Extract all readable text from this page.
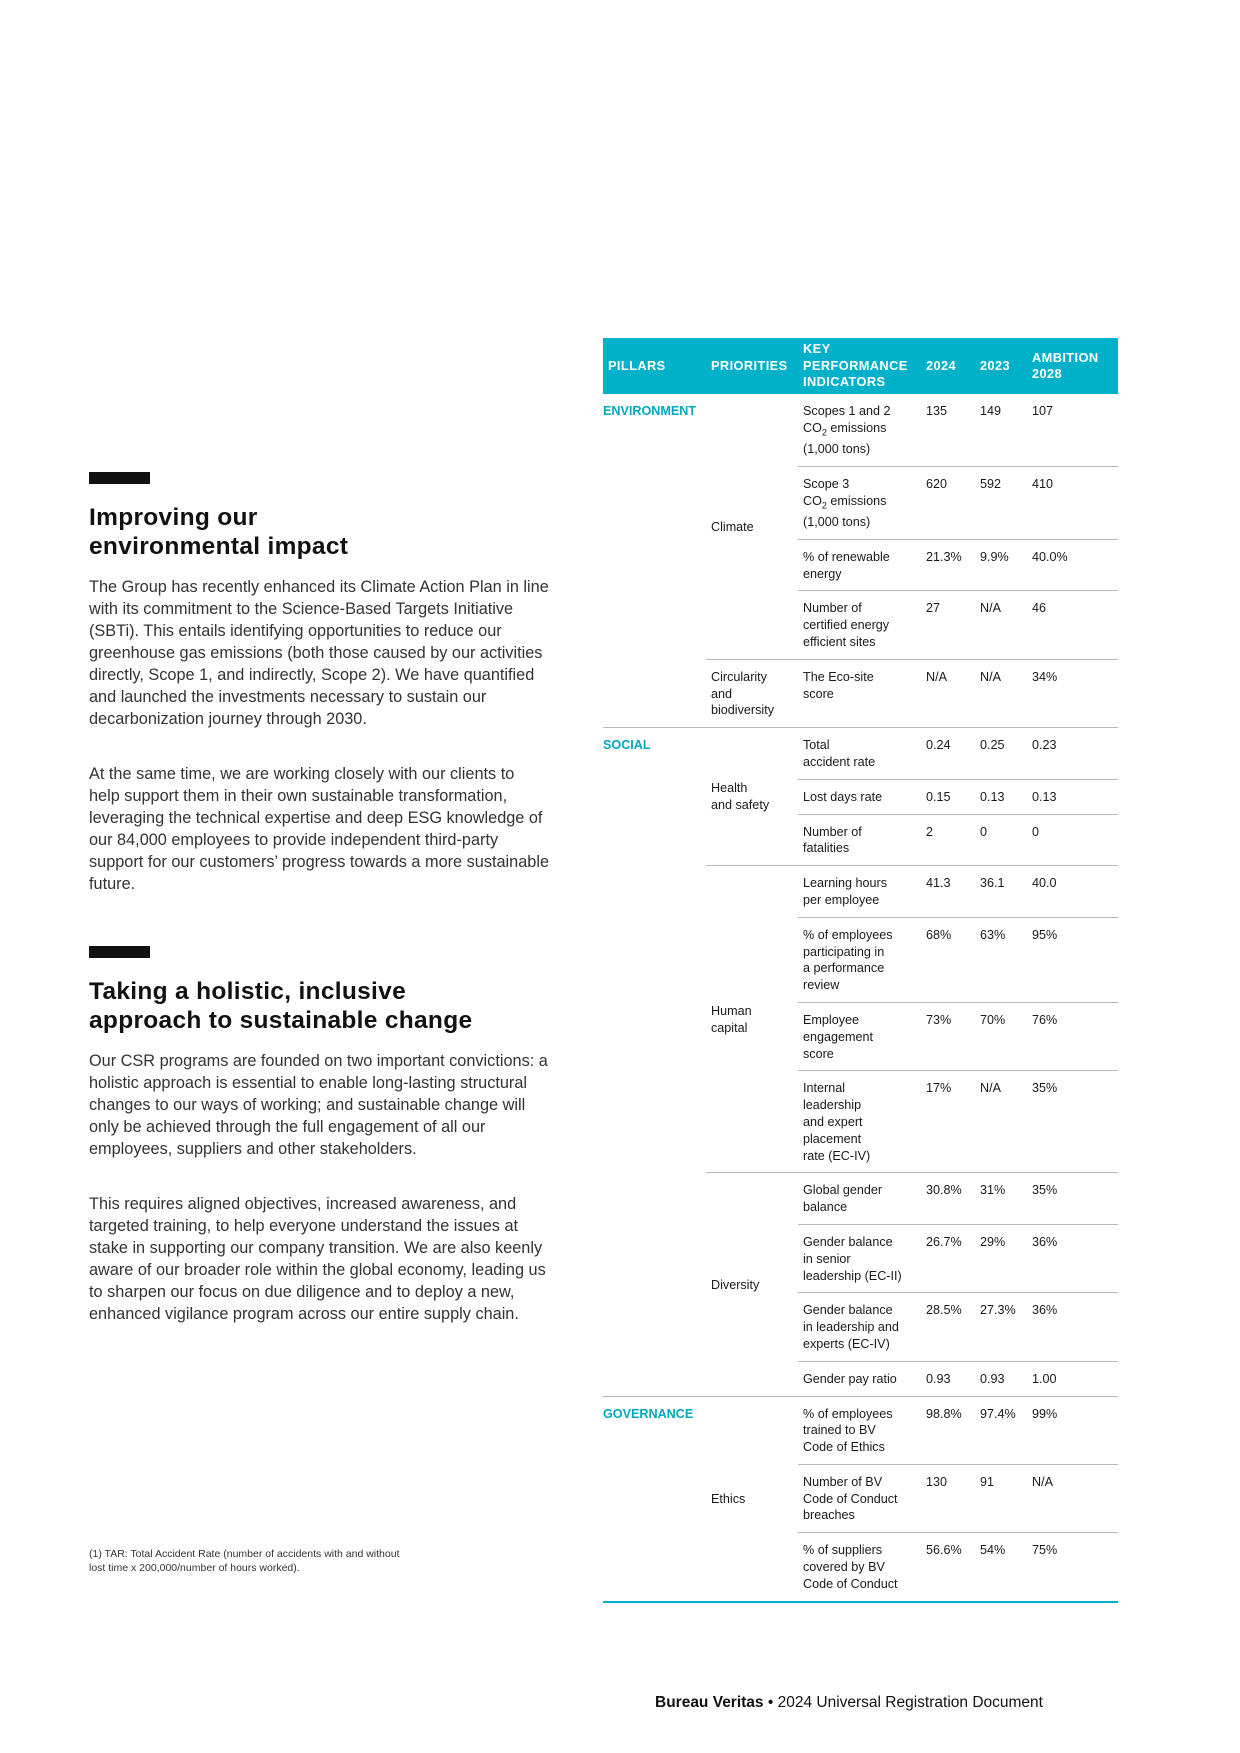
Improving our
environmental impact

The Group has recently enhanced its Climate Action Plan in line with its commitment to the Science-Based Targets Initiative (SBTi). This entails identifying opportunities to reduce our greenhouse gas emissions (both those caused by our activities directly, Scope 1, and indirectly, Scope 2). We have quantified and launched the investments necessary to sustain our decarbonization journey through 2030.

At the same time, we are working closely with our clients to help support them in their own sustainable transformation, leveraging the technical expertise and deep ESG knowledge of our 84,000 employees to provide independent third-party support for our customers’ progress towards a more sustainable future.

Taking a holistic, inclusive
approach to sustainable change

Our CSR programs are founded on two important convictions: a holistic approach is essential to enable long-lasting structural changes to our ways of working; and sustainable change will only be achieved through the full engagement of all our employees, suppliers and other stakeholders.

This requires aligned objectives, increased awareness, and targeted training, to help everyone understand the issues at stake in supporting our company transition. We are also keenly aware of our broader role within the global economy, leading us to sharpen our focus on due diligence and to deploy a new, enhanced vigilance program across our entire supply chain.

(1) TAR: Total Accident Rate (number of accidents with and without
lost time x 200,000/number of hours worked).

PILLARS	PRIORITIES	KEY
PERFORMANCE
INDICATORS	2024	2023	AMBITION
2028
ENVIRONMENT	Climate	Scopes 1 and 2
$CO_2$ emissions
(1,000 tons)	135	149	107
		Scope 3
$CO_2$ emissions
(1,000 tons)	620	592	410
		% of renewable
energy	21.3%	9.9%	40.0%
		Number of
certified energy
efficient sites	27	N/A	46
	Circularity
and
biodiversity	The Eco-site
score	N/A	N/A	34%
SOCIAL	Health
and safety	Total
accident rate	0.24	0.25	0.23
		Lost days rate	0.15	0.13	0.13
		Number of
fatalities	2	0	0
	Human
capital	Learning hours
per employee	41.3	36.1	40.0
		% of employees
participating in
a performance
review	68%	63%	95%
		Employee
engagement
score	73%	70%	76%
		Internal
leadership
and expert
placement
rate (EC-IV)	17%	N/A	35%
	Diversity	Global gender
balance	30.8%	31%	35%
		Gender balance
in senior
leadership (EC-II)	26.7%	29%	36%
		Gender balance
in leadership and
experts (EC-IV)	28.5%	27.3%	36%
		Gender pay ratio	0.93	0.93	1.00
GOVERNANCE	Ethics	% of employees
trained to BV
Code of Ethics	98.8%	97.4%	99%
		Number of BV
Code of Conduct
breaches	130	91	N/A
		% of suppliers
covered by BV
Code of Conduct	56.6%	54%	75%
Bureau Veritas • 2024 Universal Registration Document
